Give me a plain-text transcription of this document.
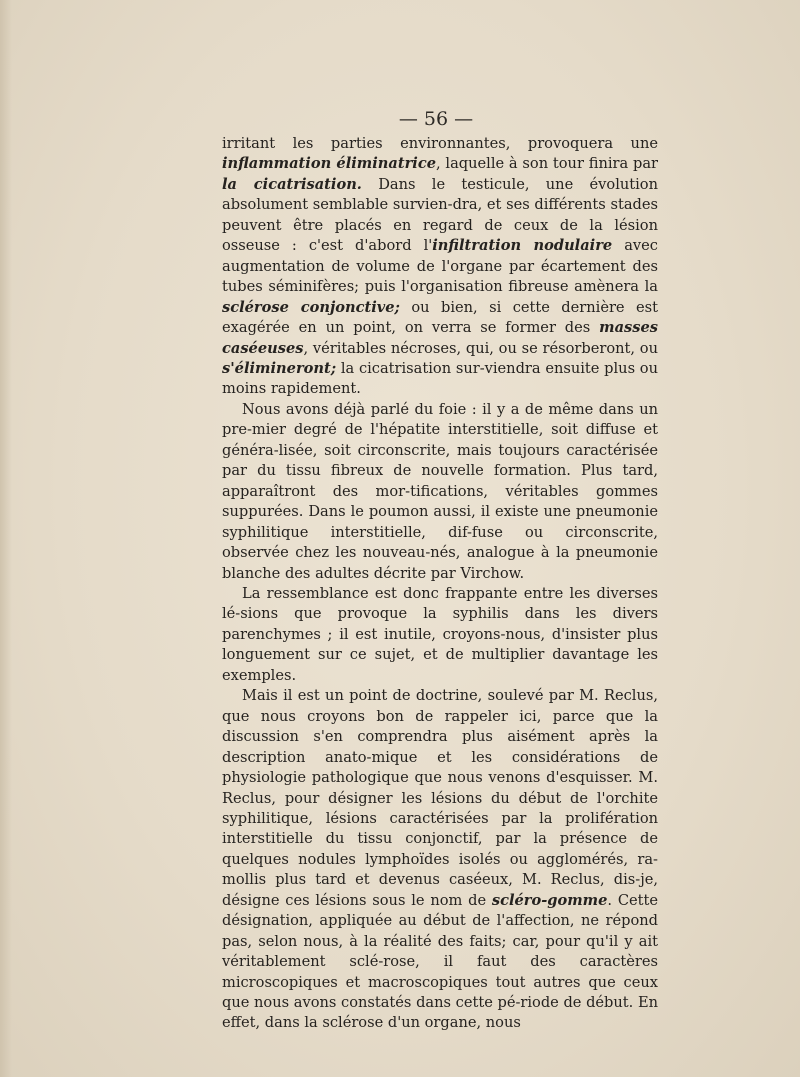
— 56 —

irritant les parties environnantes, provoquera une inflammation éliminatrice, laquelle à son tour finira par la cicatrisation. Dans le testicule, une évolution absolument semblable survien-dra, et ses différents stades peuvent être placés en regard de ceux de la lésion osseuse : c'est d'abord l'infiltration nodulaire avec augmentation de volume de l'organe par écartement des tubes séminifères; puis l'organisation fibreuse amènera la sclérose conjonctive; ou bien, si cette dernière est exagérée en un point, on verra se former des masses caséeuses, véritables nécroses, qui, ou se résorberont, ou s'élimineront; la cicatrisation sur-viendra ensuite plus ou moins rapidement.

Nous avons déjà parlé du foie : il y a de même dans un pre-mier degré de l'hépatite interstitielle, soit diffuse et généra-lisée, soit circonscrite, mais toujours caractérisée par du tissu fibreux de nouvelle formation. Plus tard, apparaîtront des mor-tifications, véritables gommes suppurées. Dans le poumon aussi, il existe une pneumonie syphilitique interstitielle, dif-fuse ou circonscrite, observée chez les nouveau-nés, analogue à la pneumonie blanche des adultes décrite par Virchow.

La ressemblance est donc frappante entre les diverses lé-sions que provoque la syphilis dans les divers parenchymes ; il est inutile, croyons-nous, d'insister plus longuement sur ce sujet, et de multiplier davantage les exemples.

Mais il est un point de doctrine, soulevé par M. Reclus, que nous croyons bon de rappeler ici, parce que la discussion s'en comprendra plus aisément après la description anato-mique et les considérations de physiologie pathologique que nous venons d'esquisser. M. Reclus, pour désigner les lésions du début de l'orchite syphilitique, lésions caractérisées par la prolifération interstitielle du tissu conjonctif, par la présence de quelques nodules lymphoïdes isolés ou agglomérés, ra-mollis plus tard et devenus caséeux, M. Reclus, dis-je, désigne ces lésions sous le nom de scléro-gomme. Cette désignation, appliquée au début de l'affection, ne répond pas, selon nous, à la réalité des faits; car, pour qu'il y ait véritablement sclé-rose, il faut des caractères microscopiques et macroscopiques tout autres que ceux que nous avons constatés dans cette pé-riode de début. En effet, dans la sclérose d'un organe, nous
